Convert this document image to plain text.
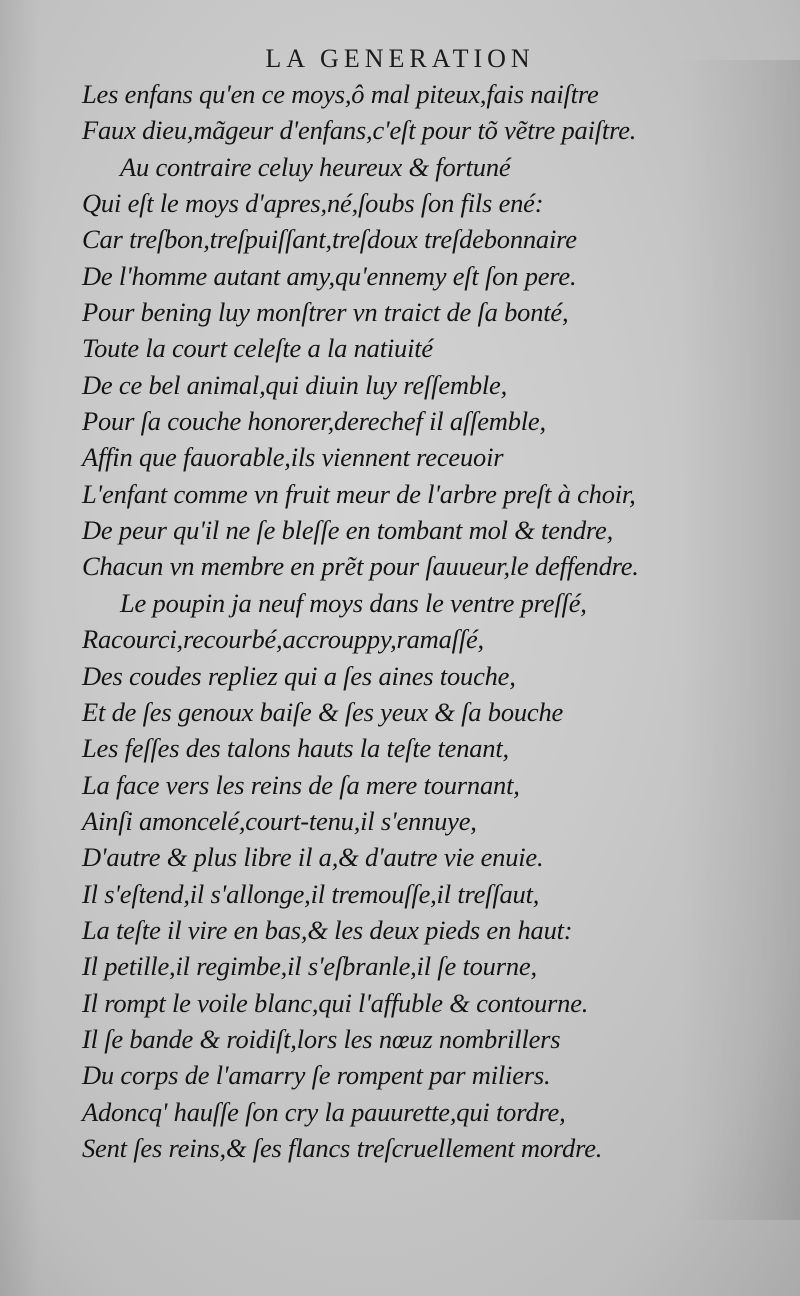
LA GENERATION
Les enfans qu'en ce moys,ô mal piteux,fais naiſtre
Faux dieu,mãgeur d'enfans,c'eſt pour tõ vẽtre paiſtre.
Au contraire celuy heureux & fortuné
Qui eſt le moys d'apres,né,ſoubs ſon fils ené:
Car treſbon,treſpuiſſant,treſdoux treſdebonnaire
De l'homme autant amy,qu'ennemy eſt ſon pere.
Pour bening luy monſtrer vn traict de ſa bonté,
Toute la court celeſte a la natiuité
De ce bel animal,qui diuin luy reſſemble,
Pour ſa couche honorer,derechef il aſſemble,
Affin que fauorable,ils viennent receuoir
L'enfant comme vn fruit meur de l'arbre preſt à choir,
De peur qu'il ne ſe bleſſe en tombant mol & tendre,
Chacun vn membre en prẽt pour ſauueur,le deffendre.
Le poupin ja neuf moys dans le ventre preſſé,
Racourci,recourbé,accrouppy,ramaſſé,
Des coudes repliez qui a ſes aines touche,
Et de ſes genoux baiſe & ſes yeux & ſa bouche
Les feſſes des talons hauts la teſte tenant,
La face vers les reins de ſa mere tournant,
Ainſi amoncelé,court-tenu,il s'ennuye,
D'autre & plus libre il a,& d'autre vie enuie.
Il s'eſtend,il s'allonge,il tremouſſe,il treſſaut,
La teſte il vire en bas,& les deux pieds en haut:
Il petille,il regimbe,il s'eſbranle,il ſe tourne,
Il rompt le voile blanc,qui l'affuble & contourne.
Il ſe bande & roidiſt,lors les nœuz nombrillers
Du corps de l'amarry ſe rompent par miliers.
Adoncq' hauſſe ſon cry la pauurette,qui tordre,
Sent ſes reins,& ſes flancs treſcruellement mordre.
